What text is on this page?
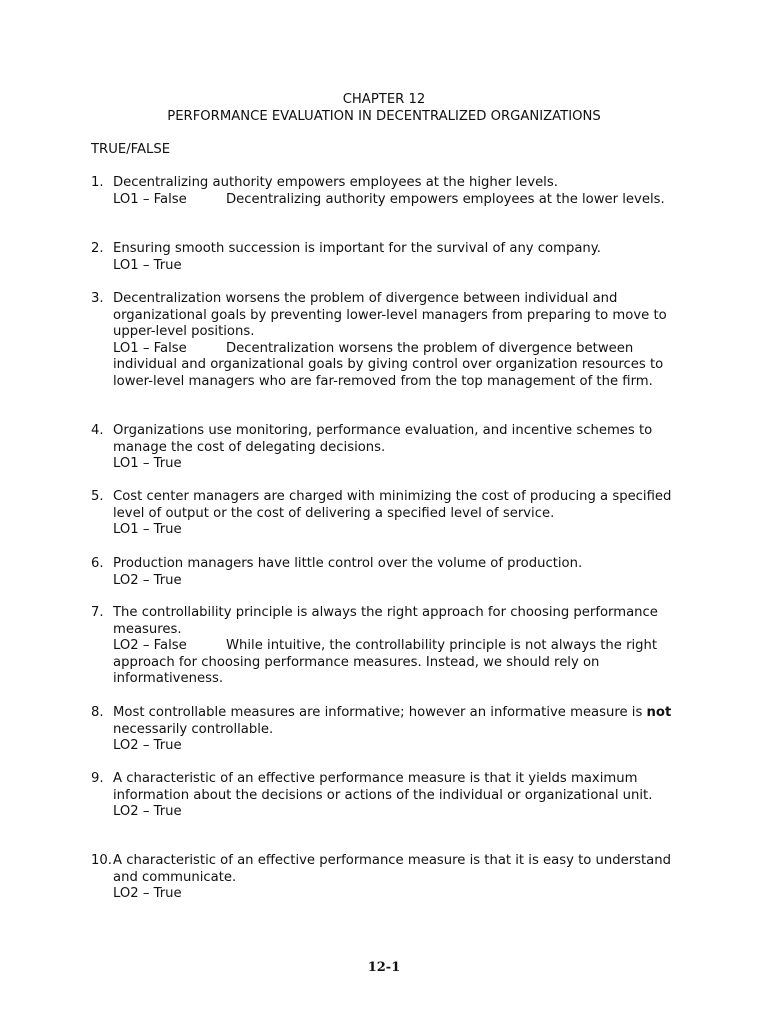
CHAPTER 12
PERFORMANCE EVALUATION IN DECENTRALIZED ORGANIZATIONS
TRUE/FALSE
1. Decentralizing authority empowers employees at the higher levels.
LO1 – False	Decentralizing authority empowers employees at the lower levels.
2. Ensuring smooth succession is important for the survival of any company.
LO1 – True
3. Decentralization worsens the problem of divergence between individual and organizational goals by preventing lower-level managers from preparing to move to upper-level positions.
LO1 – False	Decentralization worsens the problem of divergence between individual and organizational goals by giving control over organization resources to lower-level managers who are far-removed from the top management of the firm.
4. Organizations use monitoring, performance evaluation, and incentive schemes to manage the cost of delegating decisions.
LO1 – True
5. Cost center managers are charged with minimizing the cost of producing a specified level of output or the cost of delivering a specified level of service.
LO1 – True
6. Production managers have little control over the volume of production.
LO2 – True
7. The controllability principle is always the right approach for choosing performance measures.
LO2 – False	While intuitive, the controllability principle is not always the right approach for choosing performance measures. Instead, we should rely on informativeness.
8. Most controllable measures are informative; however an informative measure is not necessarily controllable.
LO2 – True
9. A characteristic of an effective performance measure is that it yields maximum information about the decisions or actions of the individual or organizational unit.
LO2 – True
10. A characteristic of an effective performance measure is that it is easy to understand and communicate.
LO2 – True
12-1
